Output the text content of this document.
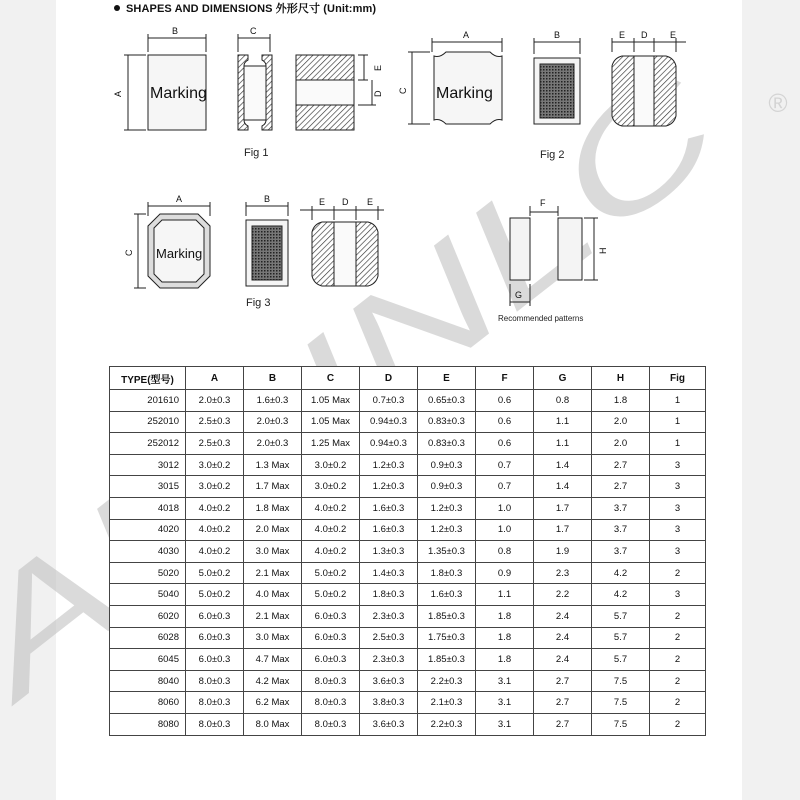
SHAPES AND DIMENSIONS 外形尺寸 (Unit:mm)
®
Marking
B
A
C
E
D
Fig 1
Marking
A
C
B	E D	E
Fig 2
Marking
A
C
B	E D E
Fig 3
F
H
G
Recommended patterns
TYPE(型号)	A	B	C	D	E	F	G	H	Fig
201610	2.0±0.3	1.6±0.3	1.05 Max	0.7±0.3	0.65±0.3	0.6	0.8	1.8	1
252010	2.5±0.3	2.0±0.3	1.05 Max	0.94±0.3	0.83±0.3	0.6	1.1	2.0	1
252012	2.5±0.3	2.0±0.3	1.25 Max	0.94±0.3	0.83±0.3	0.6	1.1	2.0	1
3012	3.0±0.2	1.3 Max	3.0±0.2	1.2±0.3	0.9±0.3	0.7	1.4	2.7	3
3015	3.0±0.2	1.7 Max	3.0±0.2	1.2±0.3	0.9±0.3	0.7	1.4	2.7	3
4018	4.0±0.2	1.8 Max	4.0±0.2	1.6±0.3	1.2±0.3	1.0	1.7	3.7	3
4020	4.0±0.2	2.0 Max	4.0±0.2	1.6±0.3	1.2±0.3	1.0	1.7	3.7	3
4030	4.0±0.2	3.0 Max	4.0±0.2	1.3±0.3	1.35±0.3	0.8	1.9	3.7	3
5020	5.0±0.2	2.1 Max	5.0±0.2	1.4±0.3	1.8±0.3	0.9	2.3	4.2	2
5040	5.0±0.2	4.0 Max	5.0±0.2	1.8±0.3	1.6±0.3	1.1	2.2	4.2	3
6020	6.0±0.3	2.1 Max	6.0±0.3	2.3±0.3	1.85±0.3	1.8	2.4	5.7	2
6028	6.0±0.3	3.0 Max	6.0±0.3	2.5±0.3	1.75±0.3	1.8	2.4	5.7	2
6045	6.0±0.3	4.7 Max	6.0±0.3	2.3±0.3	1.85±0.3	1.8	2.4	5.7	2
8040	8.0±0.3	4.2 Max	8.0±0.3	3.6±0.3	2.2±0.3	3.1	2.7	7.5	2
8060	8.0±0.3	6.2 Max	8.0±0.3	3.8±0.3	2.1±0.3	3.1	2.7	7.5	2
8080	8.0±0.3	8.0 Max	8.0±0.3	3.6±0.3	2.2±0.3	3.1	2.7	7.5	2
